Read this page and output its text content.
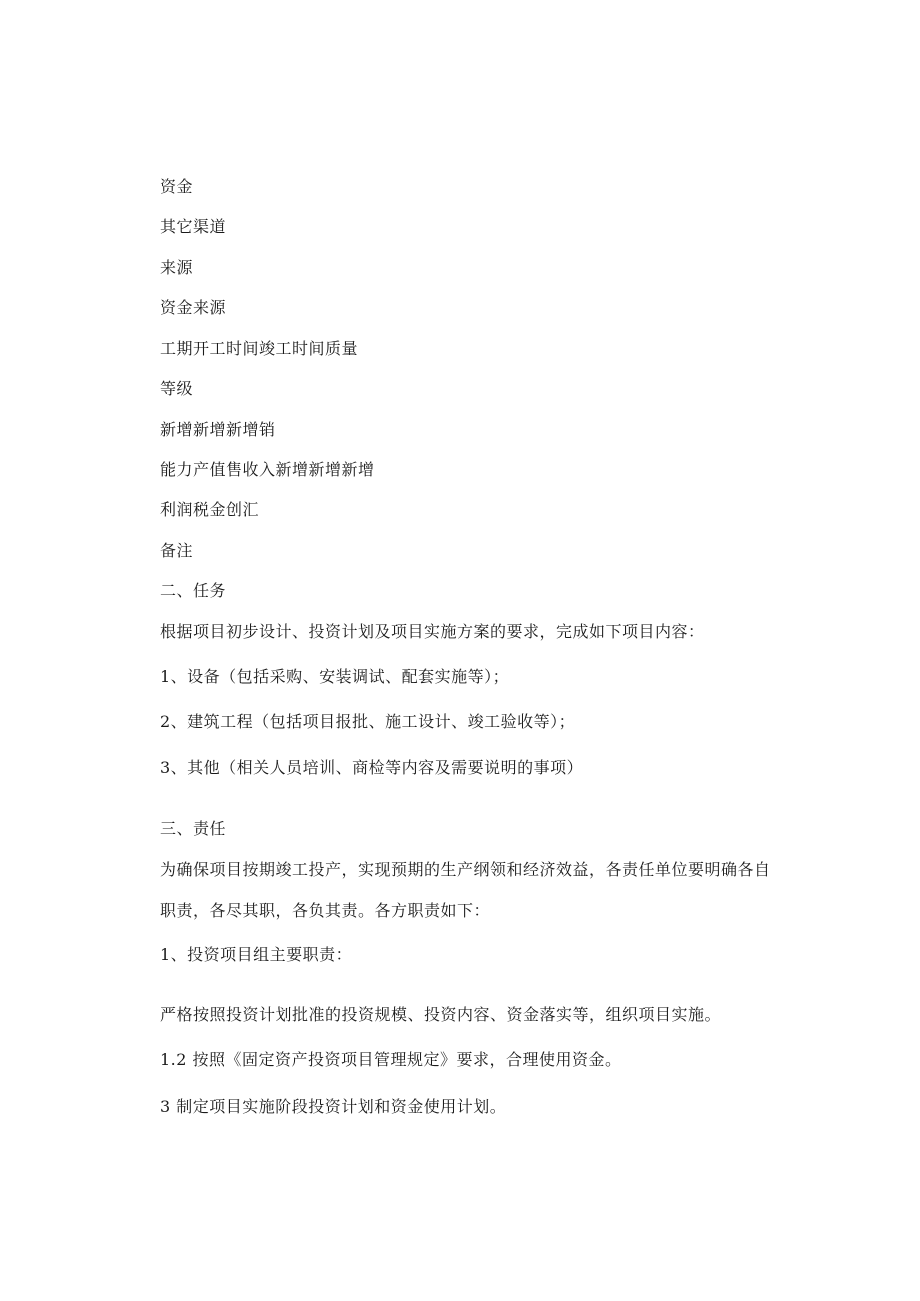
资金
其它渠道
来源
资金来源
工期开工时间竣工时间质量
等级
新增新增新增销
能力产值售收入新增新增新增
利润税金创汇
备注
二、任务
根据项目初步设计、投资计划及项目实施方案的要求，完成如下项目内容：
1、设备（包括采购、安装调试、配套实施等）；
2、建筑工程（包括项目报批、施工设计、竣工验收等）；
3、其他（相关人员培训、商检等内容及需要说明的事项）
三、责任
为确保项目按期竣工投产，实现预期的生产纲领和经济效益，各责任单位要明确各自职责，各尽其职，各负其责。各方职责如下：
1、投资项目组主要职责：
严格按照投资计划批准的投资规模、投资内容、资金落实等，组织项目实施。
1.2 按照《固定资产投资项目管理规定》要求，合理使用资金。
3 制定项目实施阶段投资计划和资金使用计划。
